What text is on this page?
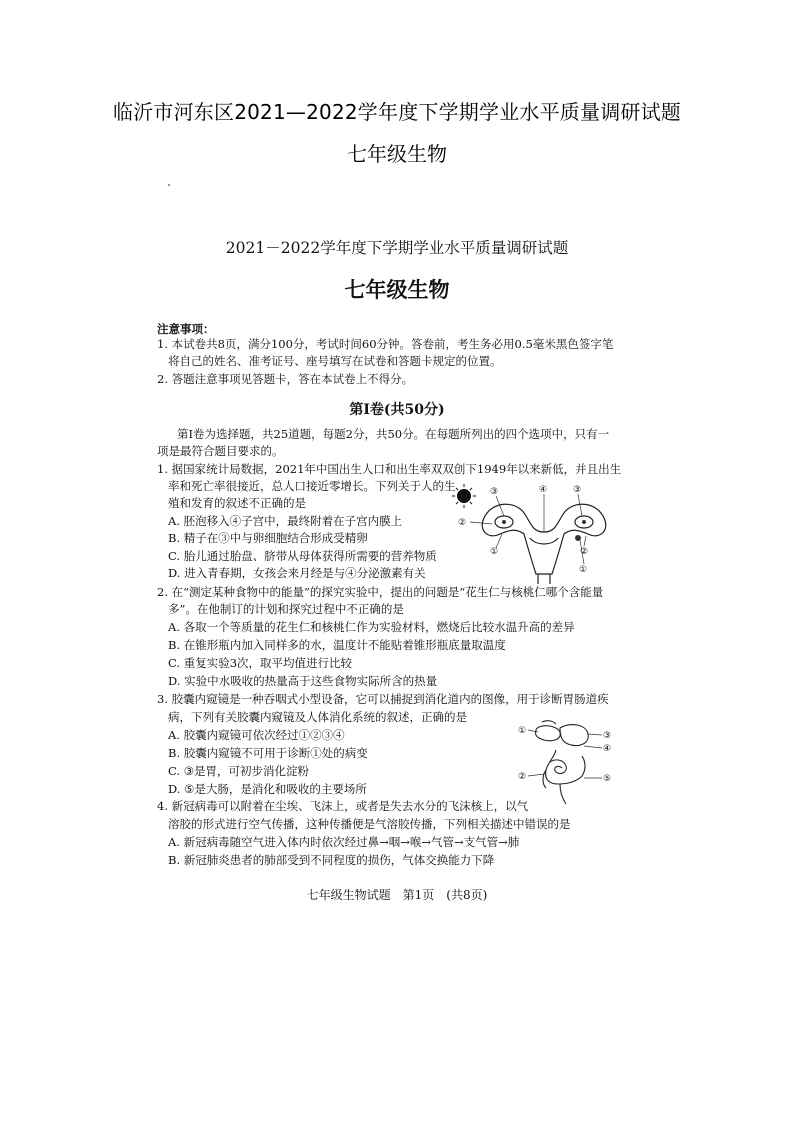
临沂市河东区2021—2022学年度下学期学业水平质量调研试题
七年级生物
2021－2022学年度下学期学业水平质量调研试题
七年级生物
注意事项：
1. 本试卷共8页，满分100分，考试时间60分钟。答卷前，考生务必用0.5毫米黑色签字笔
将自己的姓名、准考证号、座号填写在试卷和答题卡规定的位置。
2. 答题注意事项见答题卡，答在本试卷上不得分。
第Ⅰ卷(共50分)
第Ⅰ卷为选择题，共25道题，每题2分，共50分。在每题所列出的四个选项中，只有一
项是最符合题目要求的。
1. 据国家统计局数据，2021年中国出生人口和出生率双双创下1949年以来新低，并且出生
率和死亡率很接近，总人口接近零增长。下列关于人的生
殖和发育的叙述不正确的是
A. 胚泡移入④子宫中，最终附着在子宫内膜上
B. 精子在③中与卵细胞结合形成受精卵
C. 胎儿通过胎盘、脐带从母体获得所需要的营养物质
D. 进入青春期，女孩会来月经是与④分泌激素有关
③	④	③
②
①	②
①
2. 在“测定某种食物中的能量”的探究实验中，提出的问题是“花生仁与核桃仁哪个含能量
多”。在他制订的计划和探究过程中不正确的是
A. 各取一个等质量的花生仁和核桃仁作为实验材料，燃烧后比较水温升高的差异
B. 在锥形瓶内加入同样多的水，温度计不能贴着锥形瓶底量取温度
C. 重复实验3次，取平均值进行比较
D. 实验中水吸收的热量高于这些食物实际所含的热量
3. 胶囊内窥镜是一种吞咽式小型设备，它可以捕捉到消化道内的图像，用于诊断胃肠道疾
病，下列有关胶囊内窥镜及人体消化系统的叙述，正确的是
A. 胶囊内窥镜可依次经过①②③④
B. 胶囊内窥镜不可用于诊断①处的病变
C. ③是胃，可初步消化淀粉
D. ⑤是大肠，是消化和吸收的主要场所
①	③
④
②	⑤
4. 新冠病毒可以附着在尘埃、飞沫上，或者是失去水分的飞沫核上，以气
溶胶的形式进行空气传播，这种传播便是气溶胶传播，下列相关描述中错误的是
A. 新冠病毒随空气进入体内时依次经过鼻→咽→喉→气管→支气管→肺
B. 新冠肺炎患者的肺部受到不同程度的损伤，气体交换能力下降
七年级生物试题　第1页　(共8页)
